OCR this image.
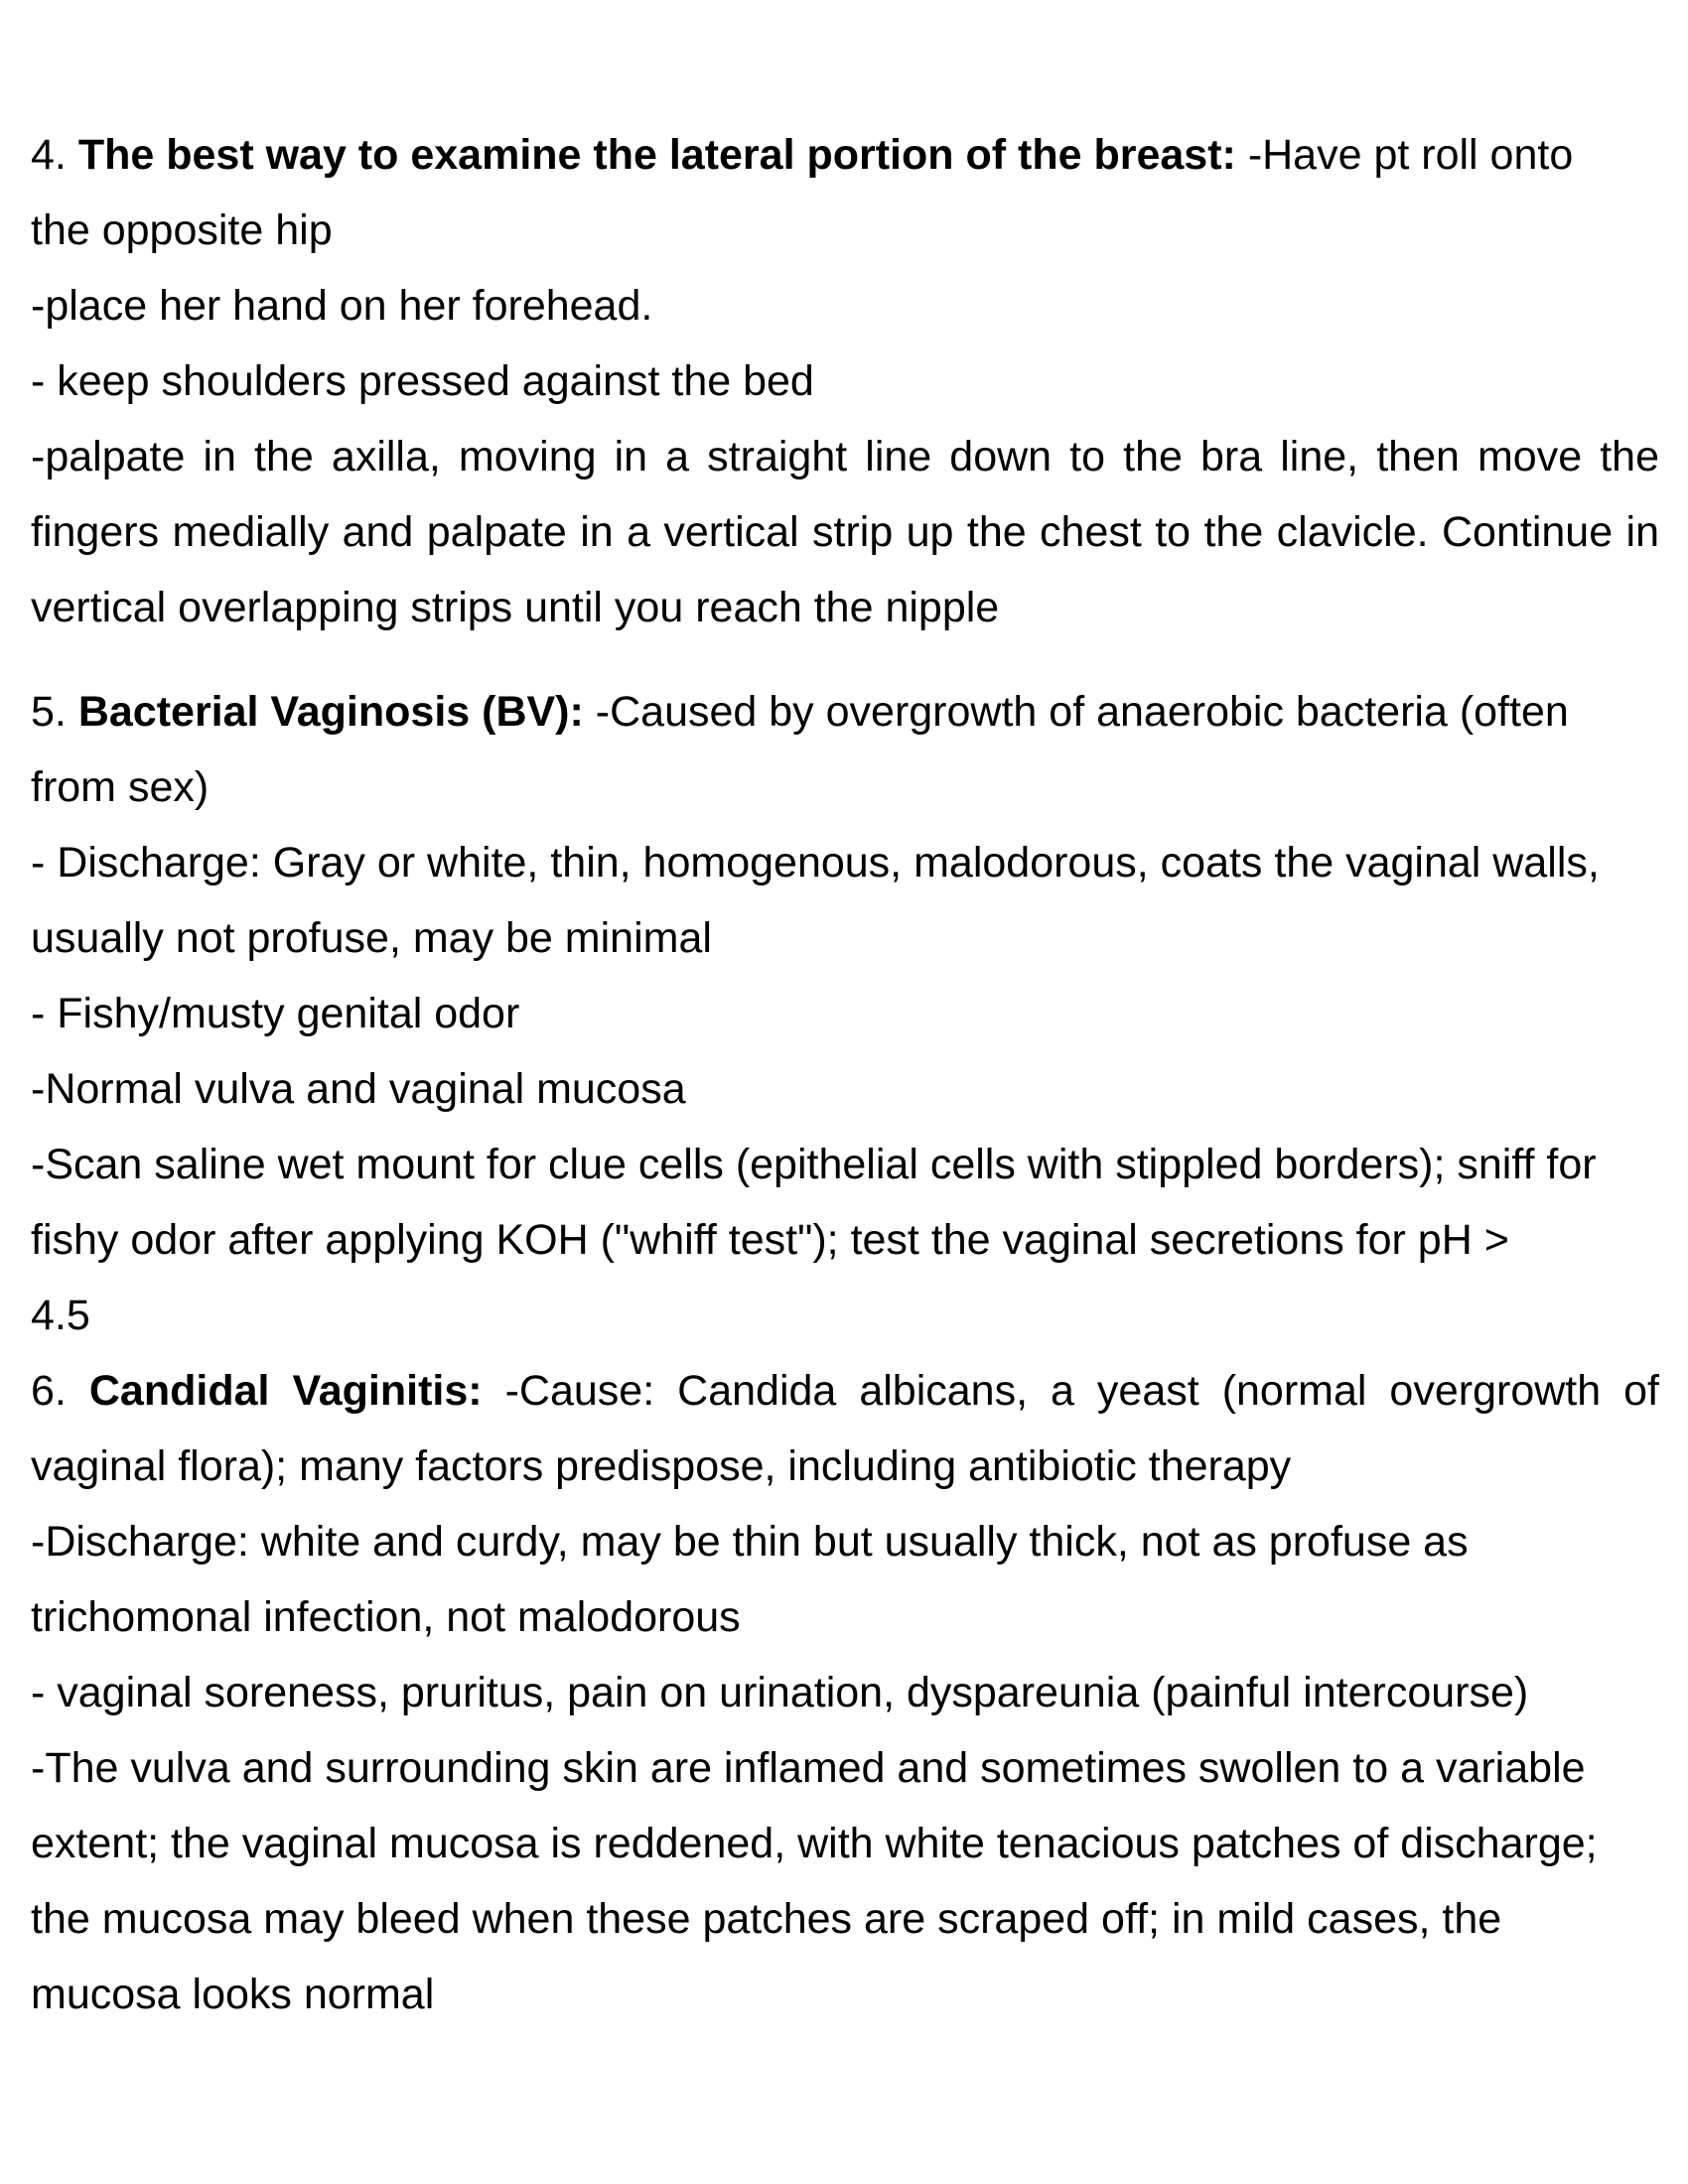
4. The best way to examine the lateral portion of the breast: -Have pt roll onto

the opposite hip

-place her hand on her forehead.

- keep shoulders pressed against the bed

-palpate in the axilla, moving in a straight line down to the bra line, then move the

fingers medially and palpate in a vertical strip up the chest to the clavicle. Continue in

vertical overlapping strips until you reach the nipple

5. Bacterial Vaginosis (BV): -Caused by overgrowth of anaerobic bacteria (often

from sex)

- Discharge: Gray or white, thin, homogenous, malodorous, coats the vaginal walls,

usually not profuse, may be minimal

- Fishy/musty genital odor

-Normal vulva and vaginal mucosa

-Scan saline wet mount for clue cells (epithelial cells with stippled borders); sniff for

fishy odor after applying KOH ("whiff test"); test the vaginal secretions for pH >

4.5

6. Candidal Vaginitis: -Cause: Candida albicans, a yeast (normal overgrowth of

vaginal flora); many factors predispose, including antibiotic therapy

-Discharge: white and curdy, may be thin but usually thick, not as profuse as

trichomonal infection, not malodorous

- vaginal soreness, pruritus, pain on urination, dyspareunia (painful intercourse)

-The vulva and surrounding skin are inflamed and sometimes swollen to a variable

extent; the vaginal mucosa is reddened, with white tenacious patches of discharge;

the mucosa may bleed when these patches are scraped off; in mild cases, the

mucosa looks normal
